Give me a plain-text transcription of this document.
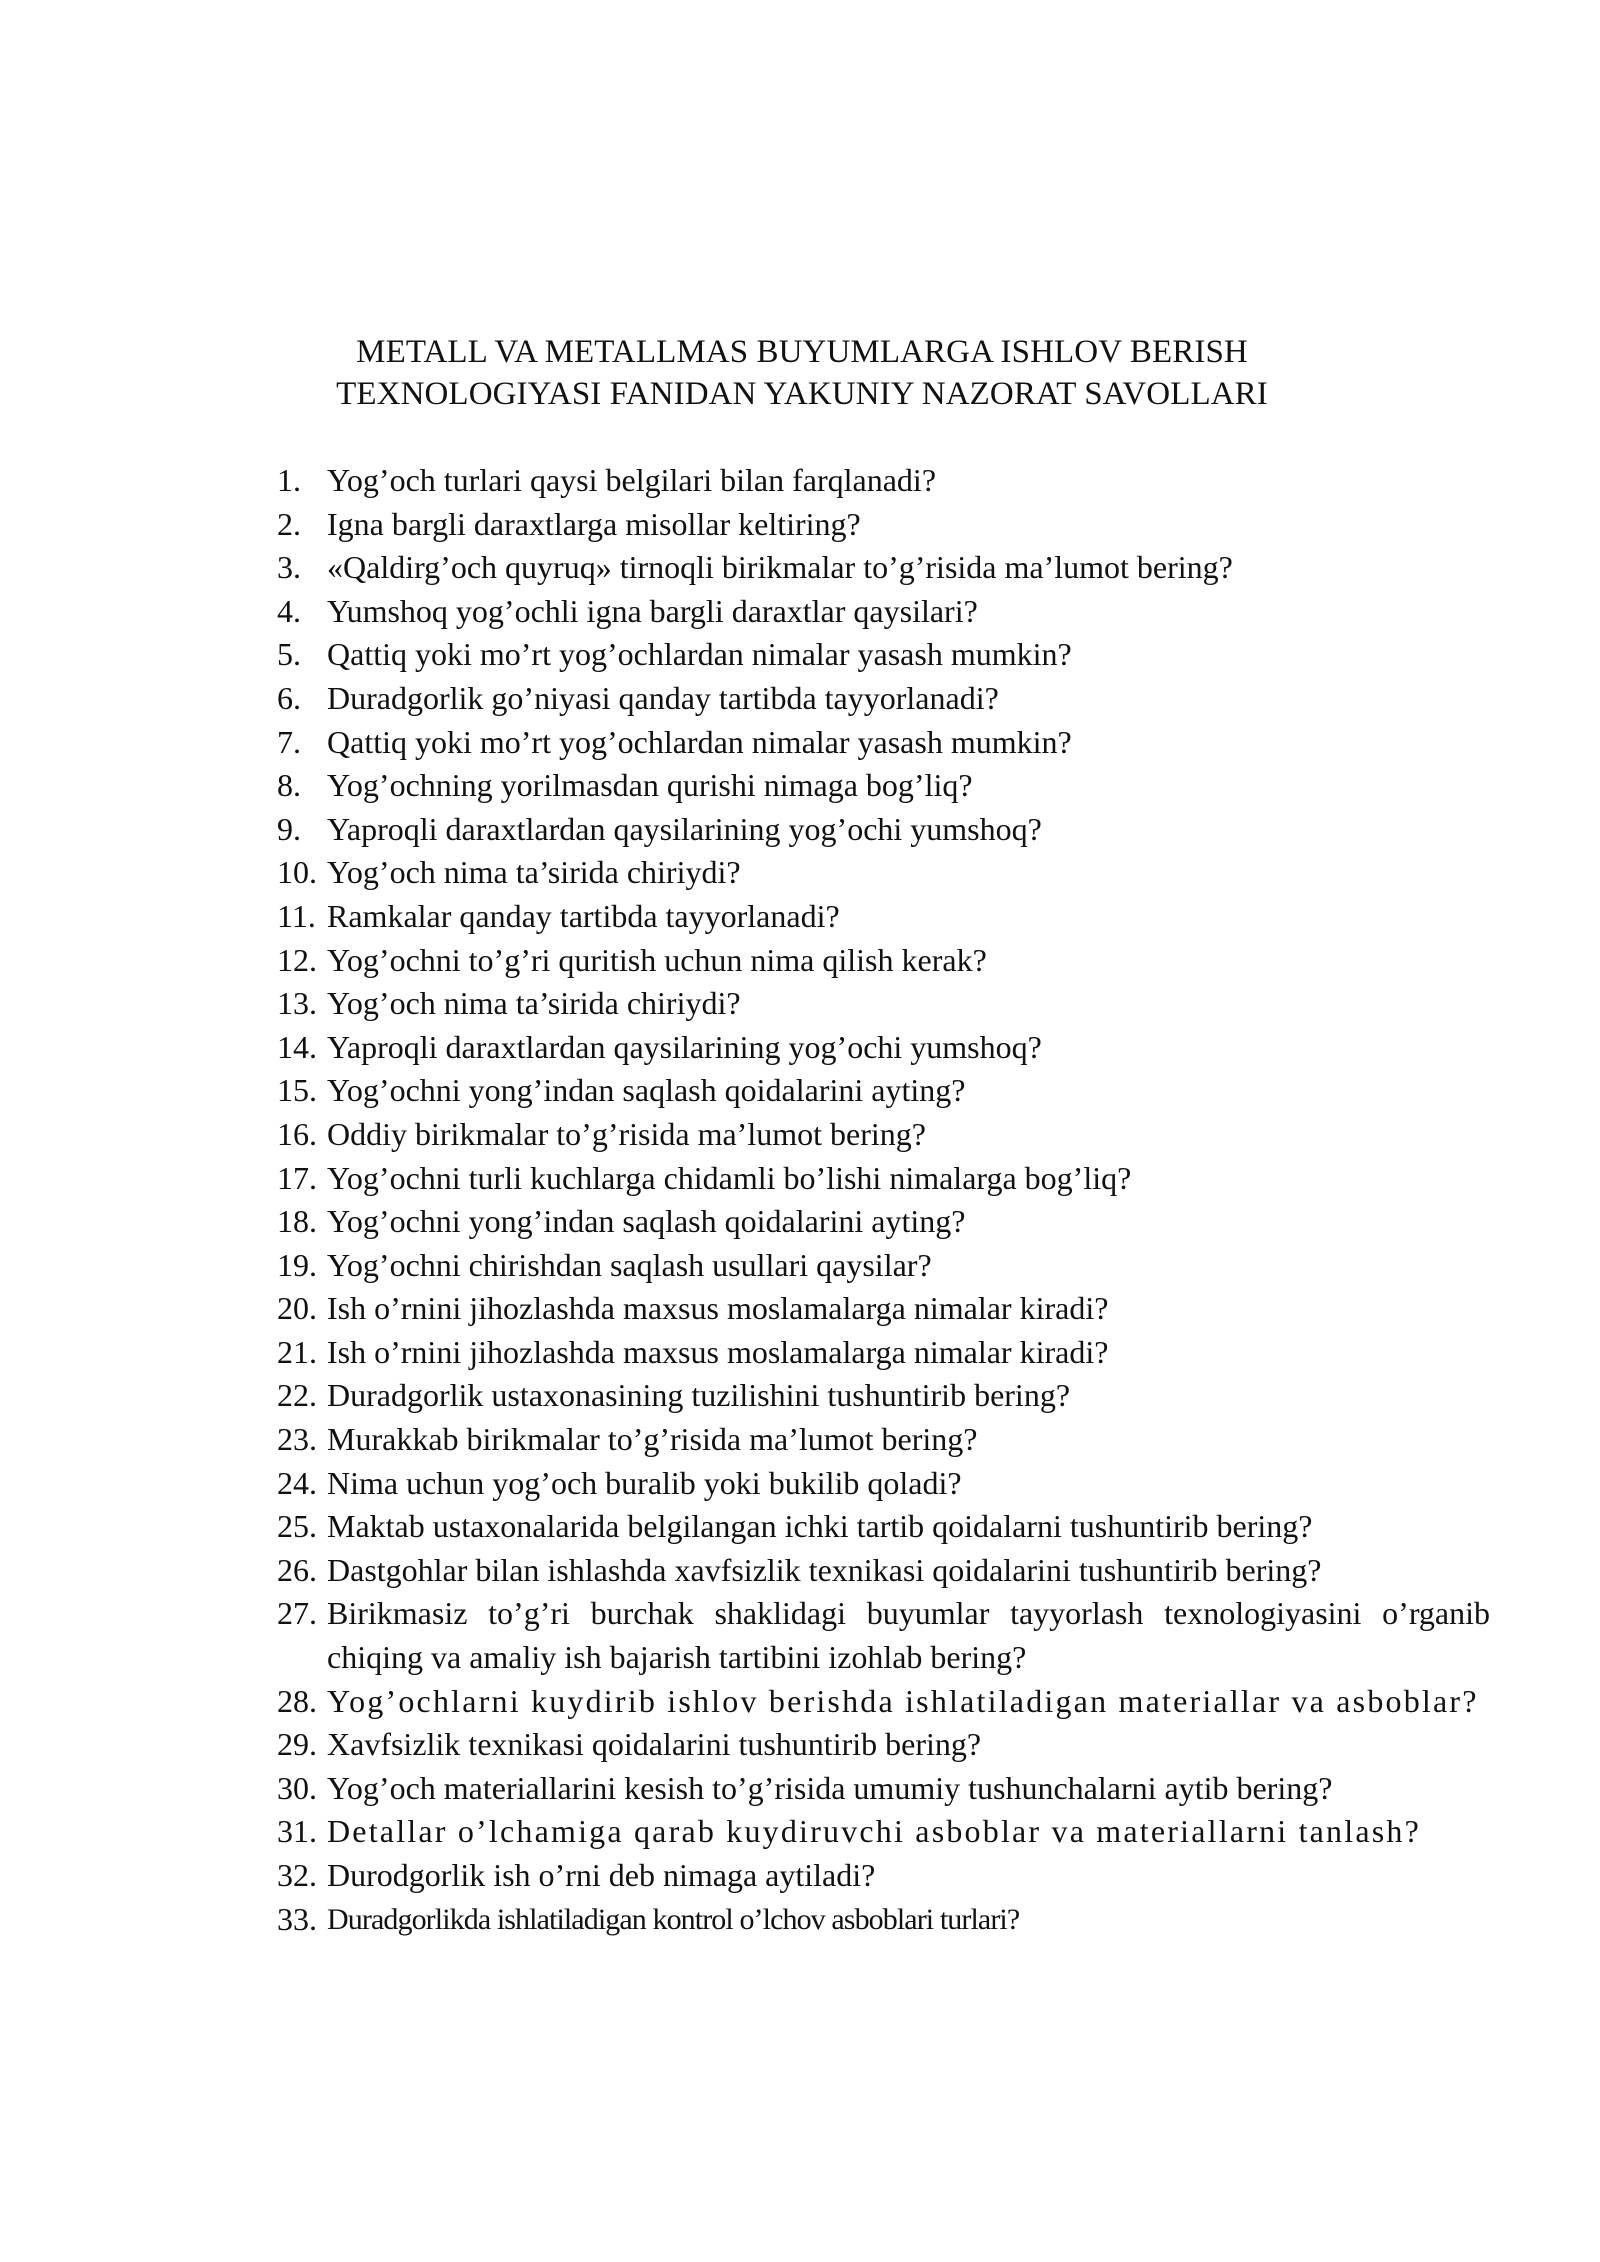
METALL VA METALLMAS BUYUMLARGA ISHLOV BERISH
TEXNOLOGIYASI FANIDAN YAKUNIY NAZORAT SAVOLLARI
1. Yog’och turlari qaysi belgilari bilan farqlanadi?
2. Igna bargli daraxtlarga misollar keltiring?
3. «Qaldirg’och quyruq» tirnoqli birikmalar to’g’risida ma’lumot bering?
4. Yumshoq yog’ochli igna bargli daraxtlar qaysilari?
5. Qattiq yoki mo’rt yog’ochlardan nimalar yasash mumkin?
6. Duradgorlik go’niyasi qanday tartibda tayyorlanadi?
7. Qattiq yoki mo’rt yog’ochlardan nimalar yasash mumkin?
8. Yog’ochning yorilmasdan qurishi nimaga bog’liq?
9. Yaproqli daraxtlardan qaysilarining yog’ochi yumshoq?
10. Yog’och nima ta’sirida chiriydi?
11. Ramkalar qanday tartibda tayyorlanadi?
12. Yog’ochni to’g’ri quritish uchun nima qilish kerak?
13. Yog’och nima ta’sirida chiriydi?
14. Yaproqli daraxtlardan qaysilarining yog’ochi yumshoq?
15. Yog’ochni yong’indan saqlash qoidalarini ayting?
16. Oddiy birikmalar to’g’risida ma’lumot bering?
17. Yog’ochni turli kuchlarga chidamli bo’lishi nimalarga bog’liq?
18. Yog’ochni yong’indan saqlash qoidalarini ayting?
19. Yog’ochni chirishdan saqlash usullari qaysilar?
20. Ish o’rnini jihozlashda maxsus moslamalarga nimalar kiradi?
21. Ish o’rnini jihozlashda maxsus moslamalarga nimalar kiradi?
22. Duradgorlik ustaxonasining tuzilishini tushuntirib bering?
23. Murakkab birikmalar to’g’risida ma’lumot bering?
24. Nima uchun yog’och buralib yoki bukilib qoladi?
25. Maktab ustaxonalarida belgilangan ichki tartib qoidalarni tushuntirib bering?
26. Dastgohlar bilan ishlashda xavfsizlik texnikasi qoidalarini tushuntirib bering?
27. Birikmasiz to’g’ri burchak shaklidagi buyumlar tayyorlash texnologiyasini o’rganib chiqing va amaliy ish bajarish tartibini izohlab bering?
28. Yog’ochlarni kuydirib ishlov berishda ishlatiladigan materiallar va asboblar?
29. Xavfsizlik texnikasi qoidalarini tushuntirib bering?
30. Yog’och materiallarini kesish to’g’risida umumiy tushunchalarni aytib bering?
31. Detallar o’lchamiga qarab kuydiruvchi asboblar va materiallarni tanlash?
32. Durodgorlik ish o’rni deb nimaga aytiladi?
33. Duradgorlikda ishlatiladigan kontrol o’lchov asboblari turlari?
